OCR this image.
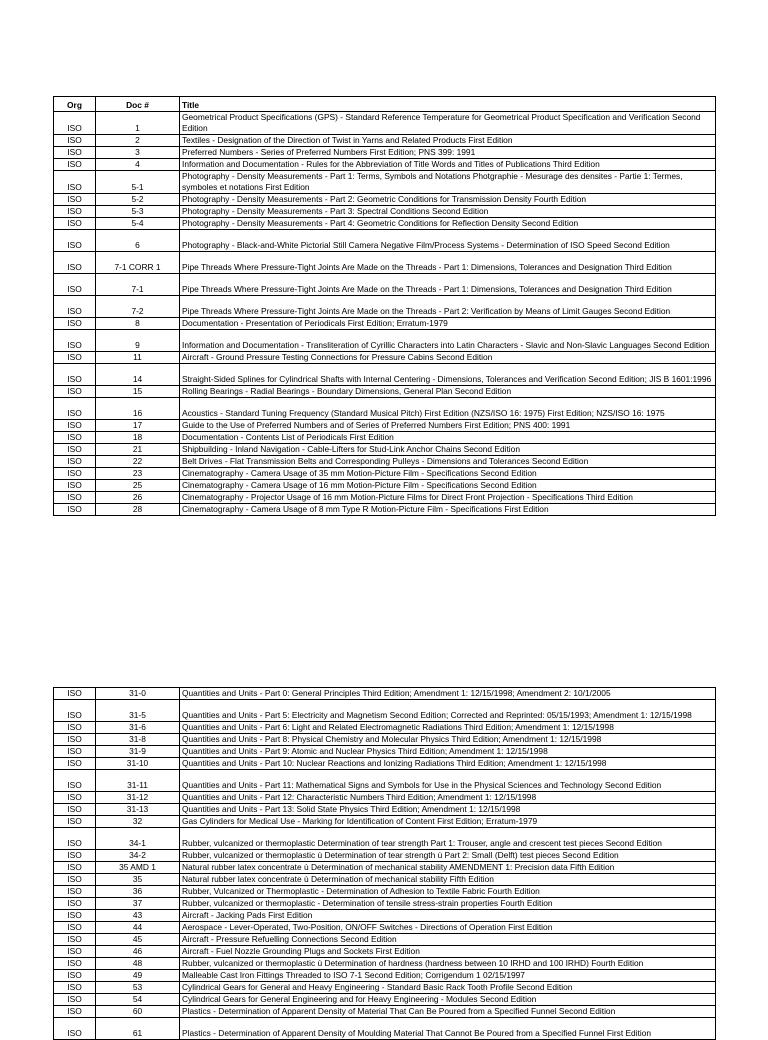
Org	Doc #	Title
ISO	1	Geometrical Product Specifications (GPS) - Standard Reference Temperature for Geometrical Product Specification and Verification Second Edition
ISO	2	Textiles - Designation of the Direction of Twist in Yarns and Related Products First Edition
ISO	3	Preferred Numbers - Series of Preferred Numbers First Edition; PNS 399: 1991
ISO	4	Information and Documentation - Rules for the Abbreviation of Title Words and Titles of Publications Third Edition
ISO	5-1	Photography - Density Measurements - Part 1: Terms, Symbols and Notations Photgraphie - Mesurage des densites - Partie 1: Termes, symboles et notations First Edition
ISO	5-2	Photography - Density Measurements - Part 2: Geometric Conditions for Transmission Density Fourth Edition
ISO	5-3	Photography - Density Measurements - Part 3: Spectral Conditions Second Edition
ISO	5-4	Photography - Density Measurements - Part 4: Geometric Conditions for Reflection Density Second Edition
ISO	6	Photography - Black-and-White Pictorial Still Camera Negative Film/Process Systems - Determination of ISO Speed Second Edition
ISO	7-1 CORR 1	Pipe Threads Where Pressure-Tight Joints Are Made on the Threads - Part 1: Dimensions, Tolerances and Designation Third Edition
ISO	7-1	Pipe Threads Where Pressure-Tight Joints Are Made on the Threads - Part 1: Dimensions, Tolerances and Designation Third Edition
ISO	7-2	Pipe Threads Where Pressure-Tight Joints Are Made on the Threads - Part 2: Verification by Means of Limit Gauges Second Edition
ISO	8	Documentation - Presentation of Periodicals First Edition; Erratum-1979
ISO	9	Information and Documentation - Transliteration of Cyrillic Characters into Latin Characters - Slavic and Non-Slavic Languages Second Edition
ISO	11	Aircraft - Ground Pressure Testing Connections for Pressure Cabins Second Edition
ISO	14	Straight-Sided Splines for Cylindrical Shafts with Internal Centering - Dimensions, Tolerances and Verification Second Edition; JIS B 1601:1996
ISO	15	Rolling Bearings - Radial Bearings - Boundary Dimensions, General Plan Second Edition
ISO	16	Acoustics - Standard Tuning Frequency (Standard Musical Pitch) First Edition (NZS/ISO 16: 1975) First Edition; NZS/ISO 16: 1975
ISO	17	Guide to the Use of Preferred Numbers and of Series of Preferred Numbers First Edition; PNS 400: 1991
ISO	18	Documentation - Contents List of Periodicals First Edition
ISO	21	Shipbuilding - Inland Navigation - Cable-Lifters for Stud-Link Anchor Chains Second Edition
ISO	22	Belt Drives - Flat Transmission Belts and Corresponding Pulleys - Dimensions and Tolerances Second Edition
ISO	23	Cinematography - Camera Usage of 35 mm Motion-Picture Film - Specifications Second Edition
ISO	25	Cinematography - Camera Usage of 16 mm Motion-Picture Film - Specifications Second Edition
ISO	26	Cinematography - Projector Usage of 16 mm Motion-Picture Films for Direct Front Projection - Specifications Third Edition
ISO	28	Cinematography - Camera Usage of 8 mm Type R Motion-Picture Film - Specifications First Edition
ISO	31-0	Quantities and Units - Part 0: General Principles Third Edition; Amendment 1: 12/15/1998; Amendment 2: 10/1/2005
ISO	31-5	Quantities and Units - Part 5: Electricity and Magnetism Second Edition; Corrected and Reprinted: 05/15/1993; Amendment 1: 12/15/1998
ISO	31-6	Quantities and Units - Part 6: Light and Related Electromagnetic Radiations Third Edition; Amendment 1: 12/15/1998
ISO	31-8	Quantities and Units - Part 8: Physical Chemistry and Molecular Physics Third Edition; Amendment 1: 12/15/1998
ISO	31-9	Quantities and Units - Part 9: Atomic and Nuclear Physics Third Edition; Amendment 1: 12/15/1998
ISO	31-10	Quantities and Units - Part 10: Nuclear Reactions and Ionizing Radiations Third Edition; Amendment 1: 12/15/1998
ISO	31-11	Quantities and Units - Part 11: Mathematical Signs and Symbols for Use in the Physical Sciences and Technology Second Edition
ISO	31-12	Quantities and Units - Part 12: Characteristic Numbers Third Edition; Amendment 1: 12/15/1998
ISO	31-13	Quantities and Units - Part 13: Solid State Physics Third Edition; Amendment 1: 12/15/1998
ISO	32	Gas Cylinders for Medical Use - Marking for Identification of Content First Edition; Erratum-1979
ISO	34-1	Rubber, vulcanized or thermoplastic Determination of tear strength Part 1: Trouser, angle and crescent test pieces Second Edition
ISO	34-2	Rubber, vulcanized or thermoplastic ù Determination of tear strength ù Part 2: Small (Delft) test pieces Second Edition
ISO	35 AMD 1	Natural rubber latex concentrate ù Determination of mechanical stability AMENDMENT 1: Precision data Fifth Edition
ISO	35	Natural rubber latex concentrate ù Determination of mechanical stability Fifth Edition
ISO	36	Rubber, Vulcanized or Thermoplastic - Determination of Adhesion to Textile Fabric Fourth Edition
ISO	37	Rubber, vulcanized or thermoplastic - Determination of tensile stress-strain properties Fourth Edition
ISO	43	Aircraft - Jacking Pads First Edition
ISO	44	Aerospace - Lever-Operated, Two-Position, ON/OFF Switches - Directions of Operation First Edition
ISO	45	Aircraft - Pressure Refuelling Connections Second Edition
ISO	46	Aircraft - Fuel Nozzle Grounding Plugs and Sockets First Edition
ISO	48	Rubber, vulcanized or thermoplastic ù Determination of hardness (hardness between 10 IRHD and 100 IRHD) Fourth Edition
ISO	49	Malleable Cast Iron Fittings Threaded to ISO 7-1 Second Edition; Corrigendum 1 02/15/1997
ISO	53	Cylindrical Gears for General and Heavy Engineering - Standard Basic Rack Tooth Profile Second Edition
ISO	54	Cylindrical Gears for General Engineering and for Heavy Engineering - Modules Second Edition
ISO	60	Plastics - Determination of Apparent Density of Material That Can Be Poured from a Specified Funnel Second Edition
ISO	61	Plastics - Determination of Apparent Density of Moulding Material That Cannot Be Poured from a Specified Funnel First Edition
